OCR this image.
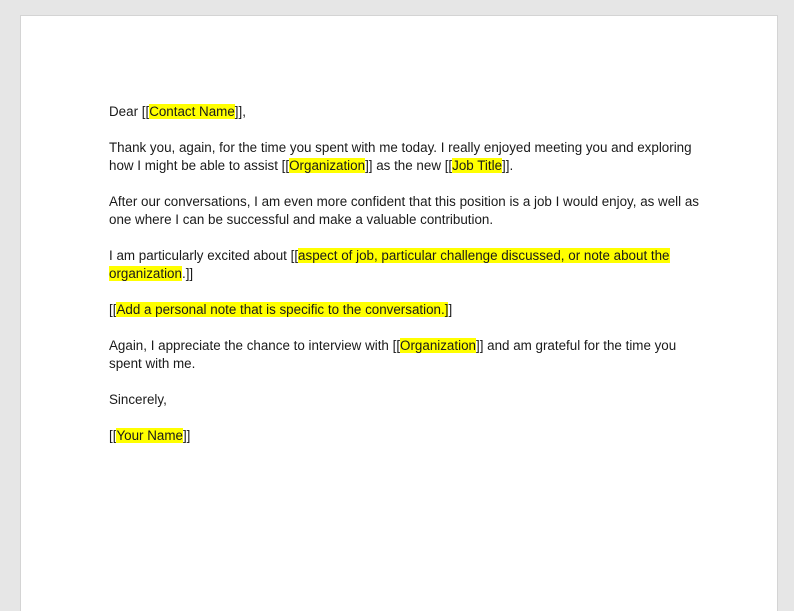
Dear [[Contact Name]],

Thank you, again, for the time you spent with me today. I really enjoyed meeting you and exploring how I might be able to assist [[Organization]] as the new [[Job Title]].

After our conversations, I am even more confident that this position is a job I would enjoy, as well as one where I can be successful and make a valuable contribution.

I am particularly excited about [[aspect of job, particular challenge discussed, or note about the organization.]]

[[Add a personal note that is specific to the conversation.]]

Again, I appreciate the chance to interview with [[Organization]] and am grateful for the time you spent with me.

Sincerely,

[[Your Name]]
